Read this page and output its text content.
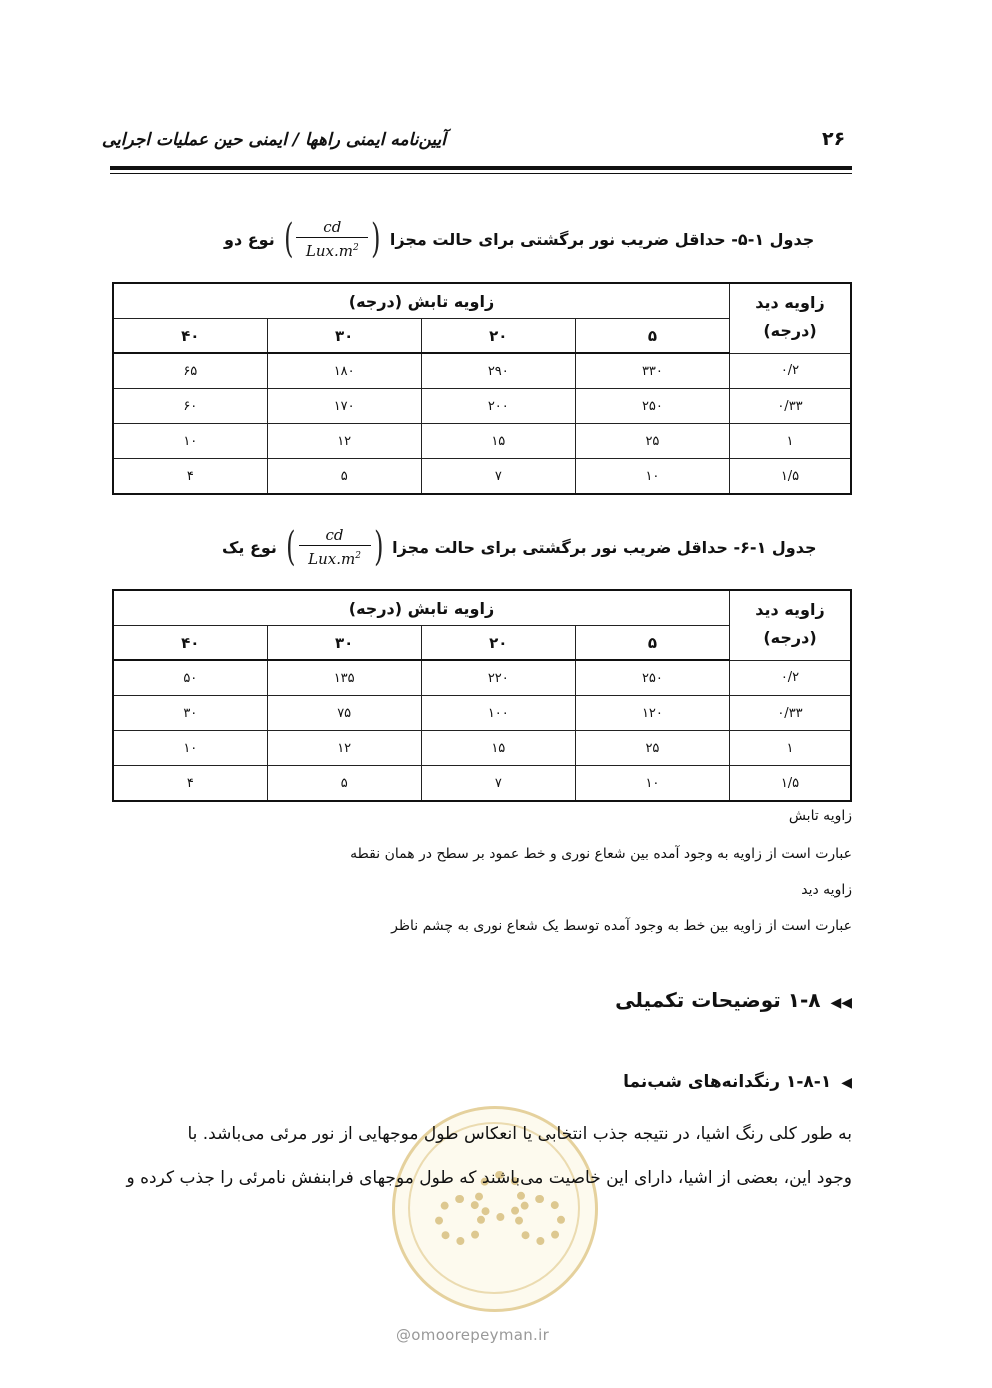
۲۶
آیین‌نامه ایمنی راهها / ایمنی حین عملیات اجرایی
نوع دو ( $\frac{cd}{Lux.m^2}$ ) جدول ۱-۵- حداقل ضریب نور برگشتی برای حالت مجزا
زاویه دید
(درجه)	زاویه تابش (درجه)			
	۵	۲۰	۳۰	۴۰
۰/۲	۳۳۰	۲۹۰	۱۸۰	۶۵
۰/۳۳	۲۵۰	۲۰۰	۱۷۰	۶۰
۱	۲۵	۱۵	۱۲	۱۰
۱/۵	۱۰	۷	۵	۴
نوع یک ( $\frac{cd}{Lux.m^2}$ ) جدول ۱-۶- حداقل ضریب نور برگشتی برای حالت مجزا
زاویه دید
(درجه)	زاویه تابش (درجه)			
	۵	۲۰	۳۰	۴۰
۰/۲	۲۵۰	۲۲۰	۱۳۵	۵۰
۰/۳۳	۱۲۰	۱۰۰	۷۵	۳۰
۱	۲۵	۱۵	۱۲	۱۰
۱/۵	۱۰	۷	۵	۴
زاویه تابش
عبارت است از زاویه به وجود آمده بین شعاع نوری و خط عمود بر سطح در همان نقطه
زاویه دید
عبارت است از زاویه بین خط به وجود آمده توسط یک شعاع نوری به چشم ناظر
◀◀۱-۸ توضیحات تکمیلی
◀۱-۸-۱ رنگدانه‌های شب‌نما
به طور کلی رنگ اشیا، در نتیجه جذب انتخابی یا انعکاس طول موجهایی از نور مرئی می‌باشد. با
وجود این، بعضی از اشیا، دارای این خاصیت می‌باشند که طول موجهای فرابنفش نامرئی را جذب کرده و
@omoorepeyman.ir
